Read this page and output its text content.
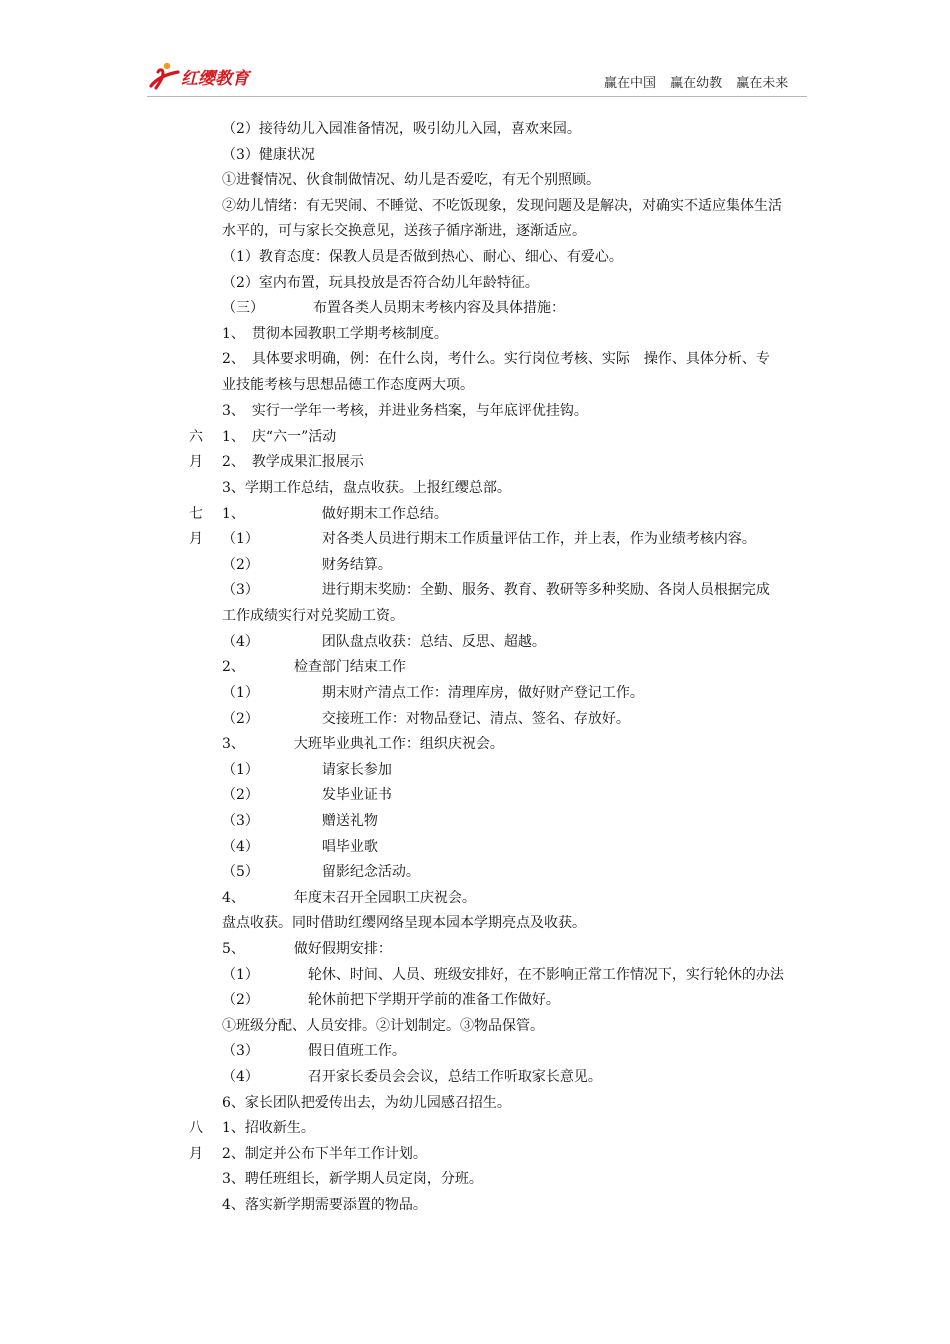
红缨教育	赢在中国 赢在幼教 赢在未来
六
月
七
月
八
月
（2）接待幼儿入园准备情况，吸引幼儿入园，喜欢来园。
（3）健康状况
①进餐情况、伙食制做情况、幼儿是否爱吃，有无个别照顾。
②幼儿情绪：有无哭闹、不睡觉、不吃饭现象，发现问题及是解决，对确实不适应集体生活
水平的，可与家长交换意见，送孩子循序渐进，逐渐适应。
（1）教育态度：保教人员是否做到热心、耐心、细心、有爱心。
（2）室内布置，玩具投放是否符合幼儿年龄特征。
（三）　　　　布置各类人员期末考核内容及具体措施：
1、　贯彻本园教职工学期考核制度。
2、　具体要求明确，例：在什么岗，考什么。实行岗位考核、实际　操作、具体分析、专
业技能考核与思想品德工作态度两大项。
3、　实行一学年一考核，并进业务档案，与年底评优挂钩。
1、　庆“六一”活动
2、　教学成果汇报展示
3、学期工作总结，盘点收获。上报红缨总部。
1、　　　　　　做好期末工作总结。
（1）　　　　　对各类人员进行期末工作质量评估工作，并上表，作为业绩考核内容。
（2）　　　　　财务结算。
（3）　　　　　进行期末奖励：全勤、服务、教育、教研等多种奖励、各岗人员根据完成
工作成绩实行对兑奖励工资。
（4）　　　　　团队盘点收获：总结、反思、超越。
2、　　　　检查部门结束工作
（1）　　　　　期末财产清点工作：清理库房，做好财产登记工作。
（2）　　　　　交接班工作：对物品登记、清点、签名、存放好。
3、　　　　大班毕业典礼工作：组织庆祝会。
（1）　　　　　请家长参加
（2）　　　　　发毕业证书
（3）　　　　　赠送礼物
（4）　　　　　唱毕业歌
（5）　　　　　留影纪念活动。
4、　　　　年度末召开全园职工庆祝会。
盘点收获。同时借助红缨网络呈现本园本学期亮点及收获。
5、　　　　做好假期安排：
（1）　　　　轮休、时间、人员、班级安排好，在不影响正常工作情况下，实行轮休的办法
（2）　　　　轮休前把下学期开学前的准备工作做好。
①班级分配、人员安排。②计划制定。③物品保管。
（3）　　　　假日值班工作。
（4）　　　　召开家长委员会会议，总结工作听取家长意见。
6、家长团队把爱传出去，为幼儿园感召招生。
1、招收新生。
2、制定并公布下半年工作计划。
3、聘任班组长，新学期人员定岗，分班。
4、落实新学期需要添置的物品。
